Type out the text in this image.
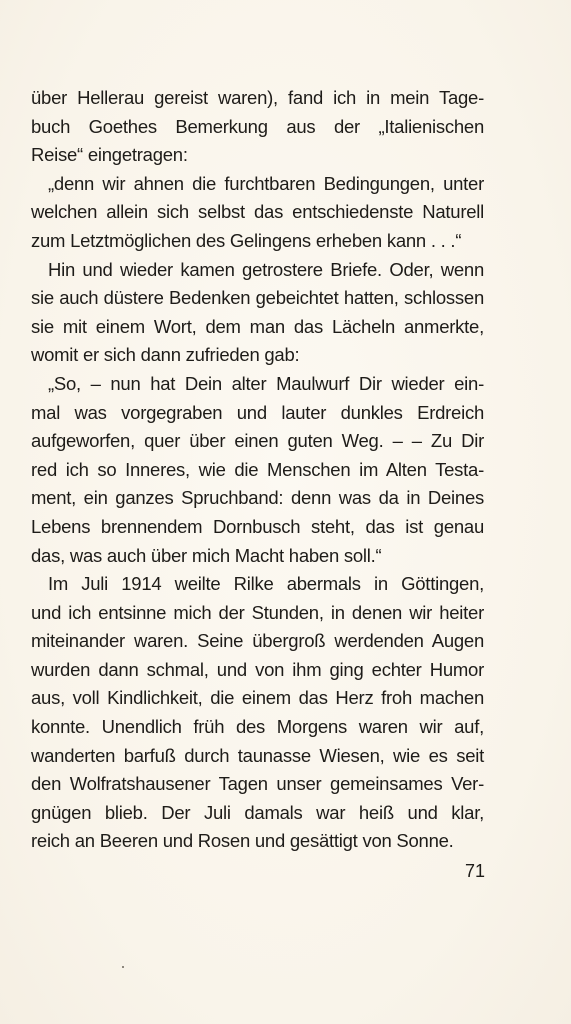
über Hellerau gereist waren), fand ich in mein Tage-
buch Goethes Bemerkung aus der „Italienischen
Reise“ eingetragen:
„denn wir ahnen die furchtbaren Bedingungen, unter
welchen allein sich selbst das entschiedenste Naturell
zum Letztmöglichen des Gelingens erheben kann . . .“
Hin und wieder kamen getrostere Briefe. Oder, wenn
sie auch düstere Bedenken gebeichtet hatten, schlossen
sie mit einem Wort, dem man das Lächeln anmerkte,
womit er sich dann zufrieden gab:
„So, – nun hat Dein alter Maulwurf Dir wieder ein-
mal was vorgegraben und lauter dunkles Erdreich
aufgeworfen, quer über einen guten Weg. – – Zu Dir
red ich so Inneres, wie die Menschen im Alten Testa-
ment, ein ganzes Spruchband: denn was da in Deines
Lebens brennendem Dornbusch steht, das ist genau
das, was auch über mich Macht haben soll.“
Im Juli 1914 weilte Rilke abermals in Göttingen,
und ich entsinne mich der Stunden, in denen wir heiter
miteinander waren. Seine übergroß werdenden Augen
wurden dann schmal, und von ihm ging echter Humor
aus, voll Kindlichkeit, die einem das Herz froh machen
konnte. Unendlich früh des Morgens waren wir auf,
wanderten barfuß durch taunasse Wiesen, wie es seit
den Wolfratshausener Tagen unser gemeinsames Ver-
gnügen blieb. Der Juli damals war heiß und klar,
reich an Beeren und Rosen und gesättigt von Sonne.
71
